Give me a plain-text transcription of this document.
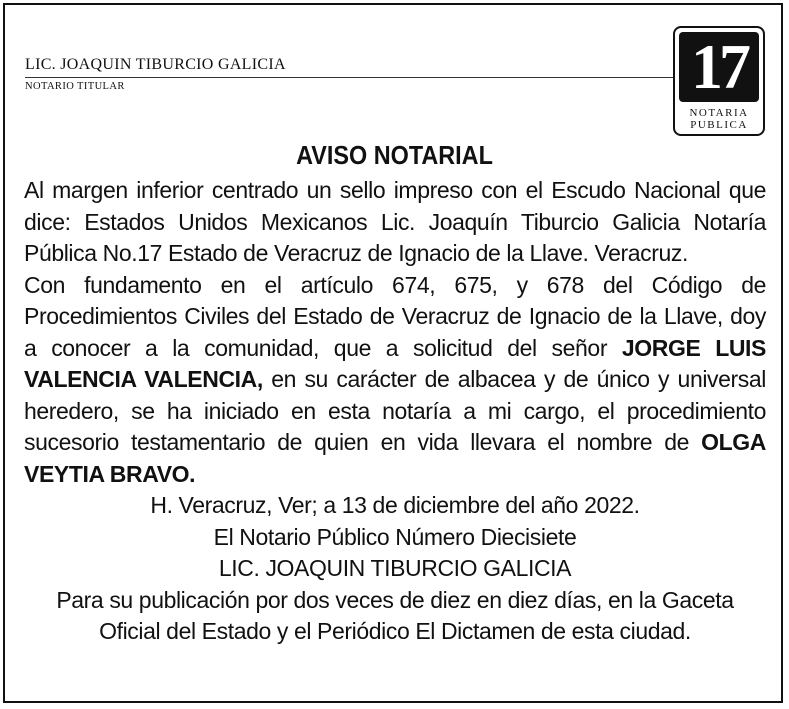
LIC. JOAQUIN TIBURCIO GALICIA
NOTARIO TITULAR	17
NOTARIA
PUBLICA
AVISO NOTARIAL

Al margen inferior centrado un sello impreso con el Escudo Nacional que dice: Estados Unidos Mexicanos Lic. Joaquín Tiburcio Galicia Notaría Pública No.17 Estado de Veracruz de Ignacio de la Llave. Veracruz.

Con fundamento en el artículo 674, 675, y 678 del Código de Procedimientos Civiles del Estado de Veracruz de Ignacio de la Llave, doy a conocer a la comunidad, que a solicitud del señor JORGE LUIS VALENCIA VALENCIA, en su carácter de albacea y de único y universal heredero, se ha iniciado en esta notaría a mi cargo, el procedimiento sucesorio testamentario de quien en vida llevara el nombre de OLGA VEYTIA BRAVO.

H. Veracruz, Ver; a 13 de diciembre del año 2022.

El Notario Público Número Diecisiete

LIC. JOAQUIN TIBURCIO GALICIA

Para su publicación por dos veces de diez en diez días, en la Gaceta Oficial del Estado y el Periódico El Dictamen de esta ciudad.
